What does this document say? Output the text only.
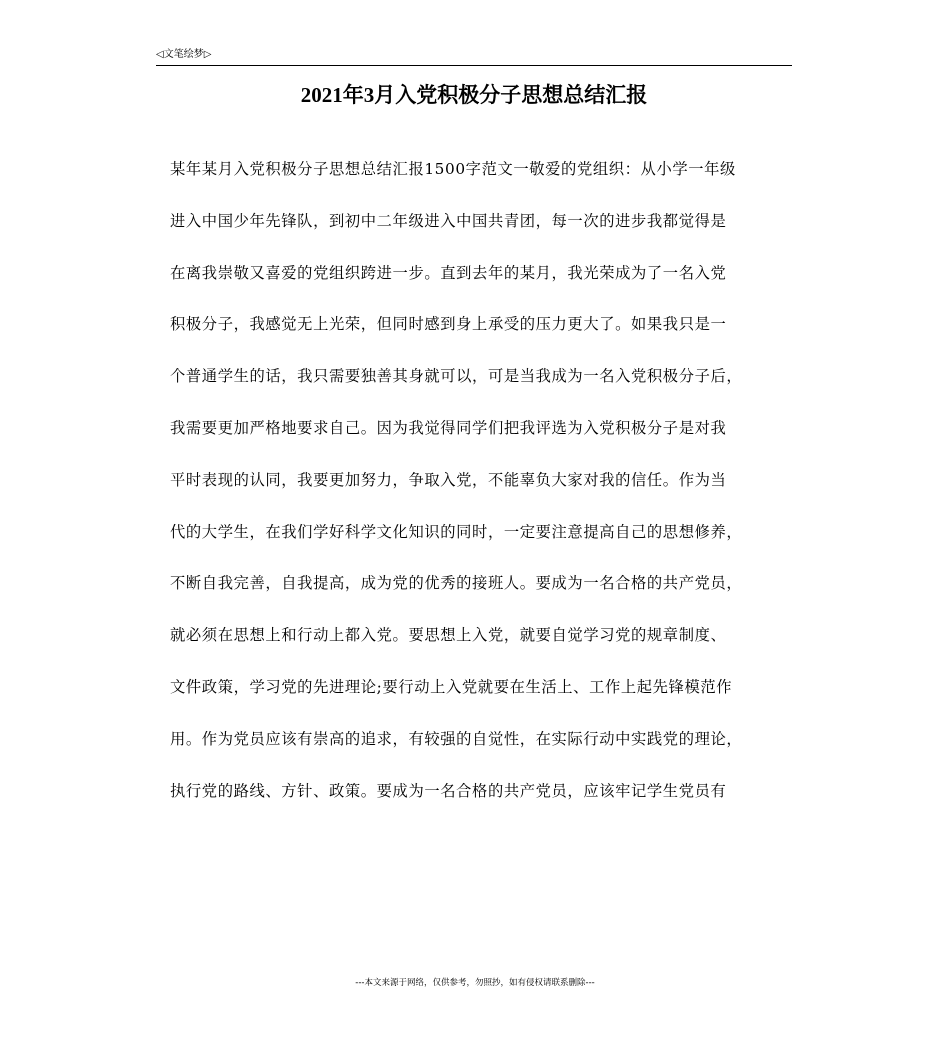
◁文笔绘梦▷
2021年3月入党积极分子思想总结汇报
某年某月入党积极分子思想总结汇报1500字范文一敬爱的党组织：从小学一年级
进入中国少年先锋队，到初中二年级进入中国共青团，每一次的进步我都觉得是
在离我崇敬又喜爱的党组织跨进一步。直到去年的某月，我光荣成为了一名入党
积极分子，我感觉无上光荣，但同时感到身上承受的压力更大了。如果我只是一
个普通学生的话，我只需要独善其身就可以，可是当我成为一名入党积极分子后，
我需要更加严格地要求自己。因为我觉得同学们把我评选为入党积极分子是对我
平时表现的认同，我要更加努力，争取入党，不能辜负大家对我的信任。作为当
代的大学生，在我们学好科学文化知识的同时，一定要注意提高自己的思想修养，
不断自我完善，自我提高，成为党的优秀的接班人。要成为一名合格的共产党员，
就必须在思想上和行动上都入党。要思想上入党，就要自觉学习党的规章制度、
文件政策，学习党的先进理论;要行动上入党就要在生活上、工作上起先锋模范作
用。作为党员应该有崇高的追求，有较强的自觉性，在实际行动中实践党的理论，
执行党的路线、方针、政策。要成为一名合格的共产党员，应该牢记学生党员有
---本文来源于网络，仅供参考，勿照抄，如有侵权请联系删除---
